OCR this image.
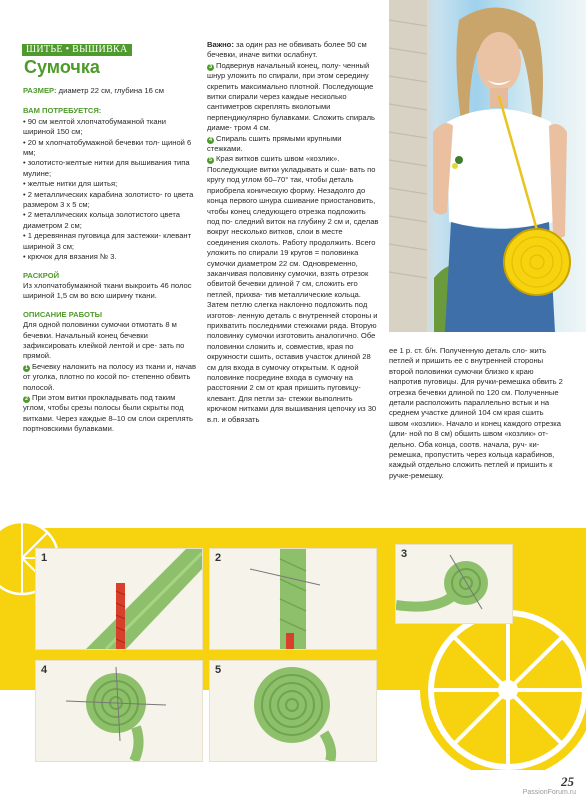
ШИТЬЕ • ВЫШИВКА
Сумочка

РАЗМЕР: диаметр 22 см, глубина 16 см

ВАМ ПОТРЕБУЕТСЯ:

• 90 см желтой хлопчатобумажной ткани шириной 150 см;

• 20 м хлопчатобумажной бечевки тол- щиной 6 мм;

• золотисто-желтые нитки для вышивания типа мулине;

• желтые нитки для шитья;

• 2 металлических карабина золотисто- го цвета размером 3 х 5 см;

• 2 металлических кольца золотистого цвета диаметром 2 см;

• 1 деревянная пуговица для застежки- клевант шириной 3 см;

• крючок для вязания № 3.

РАСКРОЙ

Из хлопчатобумажной ткани выкроить 46 полос шириной 1,5 см во всю ширину ткани.

ОПИСАНИЕ РАБОТЫ

Для одной половинки сумочки отмотать 8 м бечевки. Начальный конец бечевки зафиксировать клейкой лентой и сре- зать по прямой.

1 Бечевку наложить на полосу из ткани и, начав от уголка, плотно по косой по- степенно обвить полосой.

2 При этом витки прокладывать под таким углом, чтобы срезы полосы были скрыты под витками. Через каждые 8–10 см слои скреплять портновскими булавками.

Важно: за один раз не обвивать более 50 см бечевки, иначе витки ослабнут.

3 Подвернув начальный конец, полу- ченный шнур уложить по спирали, при этом середину скрепить максимально плотной. Последующие витки спирали через каждые несколько сантиметров скреплять вколотыми перпендикулярно булавками. Сложить спираль диаме- тром 4 см.

4 Спираль сшить прямыми крупными стежками.

5 Края витков сшить швом «козлик». Последующие витки укладывать и сши- вать по кругу под углом 60–70° так, чтобы деталь приобрела коническую форму. Незадолго до конца первого шнура сшивание приостановить, чтобы конец следующего отрезка подложить под по- следний виток на глубину 2 см и, сделав вокруг несколько витков, слои в месте соединения сколоть. Работу продолжить. Всего уложить по спирали 19 кругов = половинка сумочки диаметром 22 см. Одновременно, заканчивая половинку сумочки, взять отрезок обвитой бечевки длиной 7 см, сложить его петлей, прихва- тив металлические кольца. Затем петлю слегка наклонно подложить под изготов- ленную деталь с внутренней стороны и прихватить последними стежками ряда. Вторую половинку сумочки изготовить аналогично. Обе половинки сложить и, совместив, края по окружности сшить, оставив участок длиной 28 см для входа в сумочку открытым. К одной половинке посредине входа в сумочку на расстоянии 2 см от края пришить пуговицу-клевант. Для петли за- стежки выполнить крючком нитками для вышивания цепочку из 30 в.п. и обвязать

ее 1 р. ст. б/н. Полученную деталь сло- жить петлей и пришить ее с внутренней стороны второй половинки сумочки близко к краю напротив пуговицы. Для ручки-ремешка обвить 2 отрезка бечевки длиной по 120 см. Полученные детали расположить параллельно встык и на среднем участке длиной 104 см края сшить швом «козлик». Начало и конец каждого отрезка (дли- ной по 8 см) обшить швом «козлик» от- дельно. Оба конца, соотв. начала, руч- ки-ремешка, пропустить через кольца карабинов, каждый отдельно сложить петлей и пришить к ручке-ремешку.
1	2	3
4	5
25
PassionForum.ru
